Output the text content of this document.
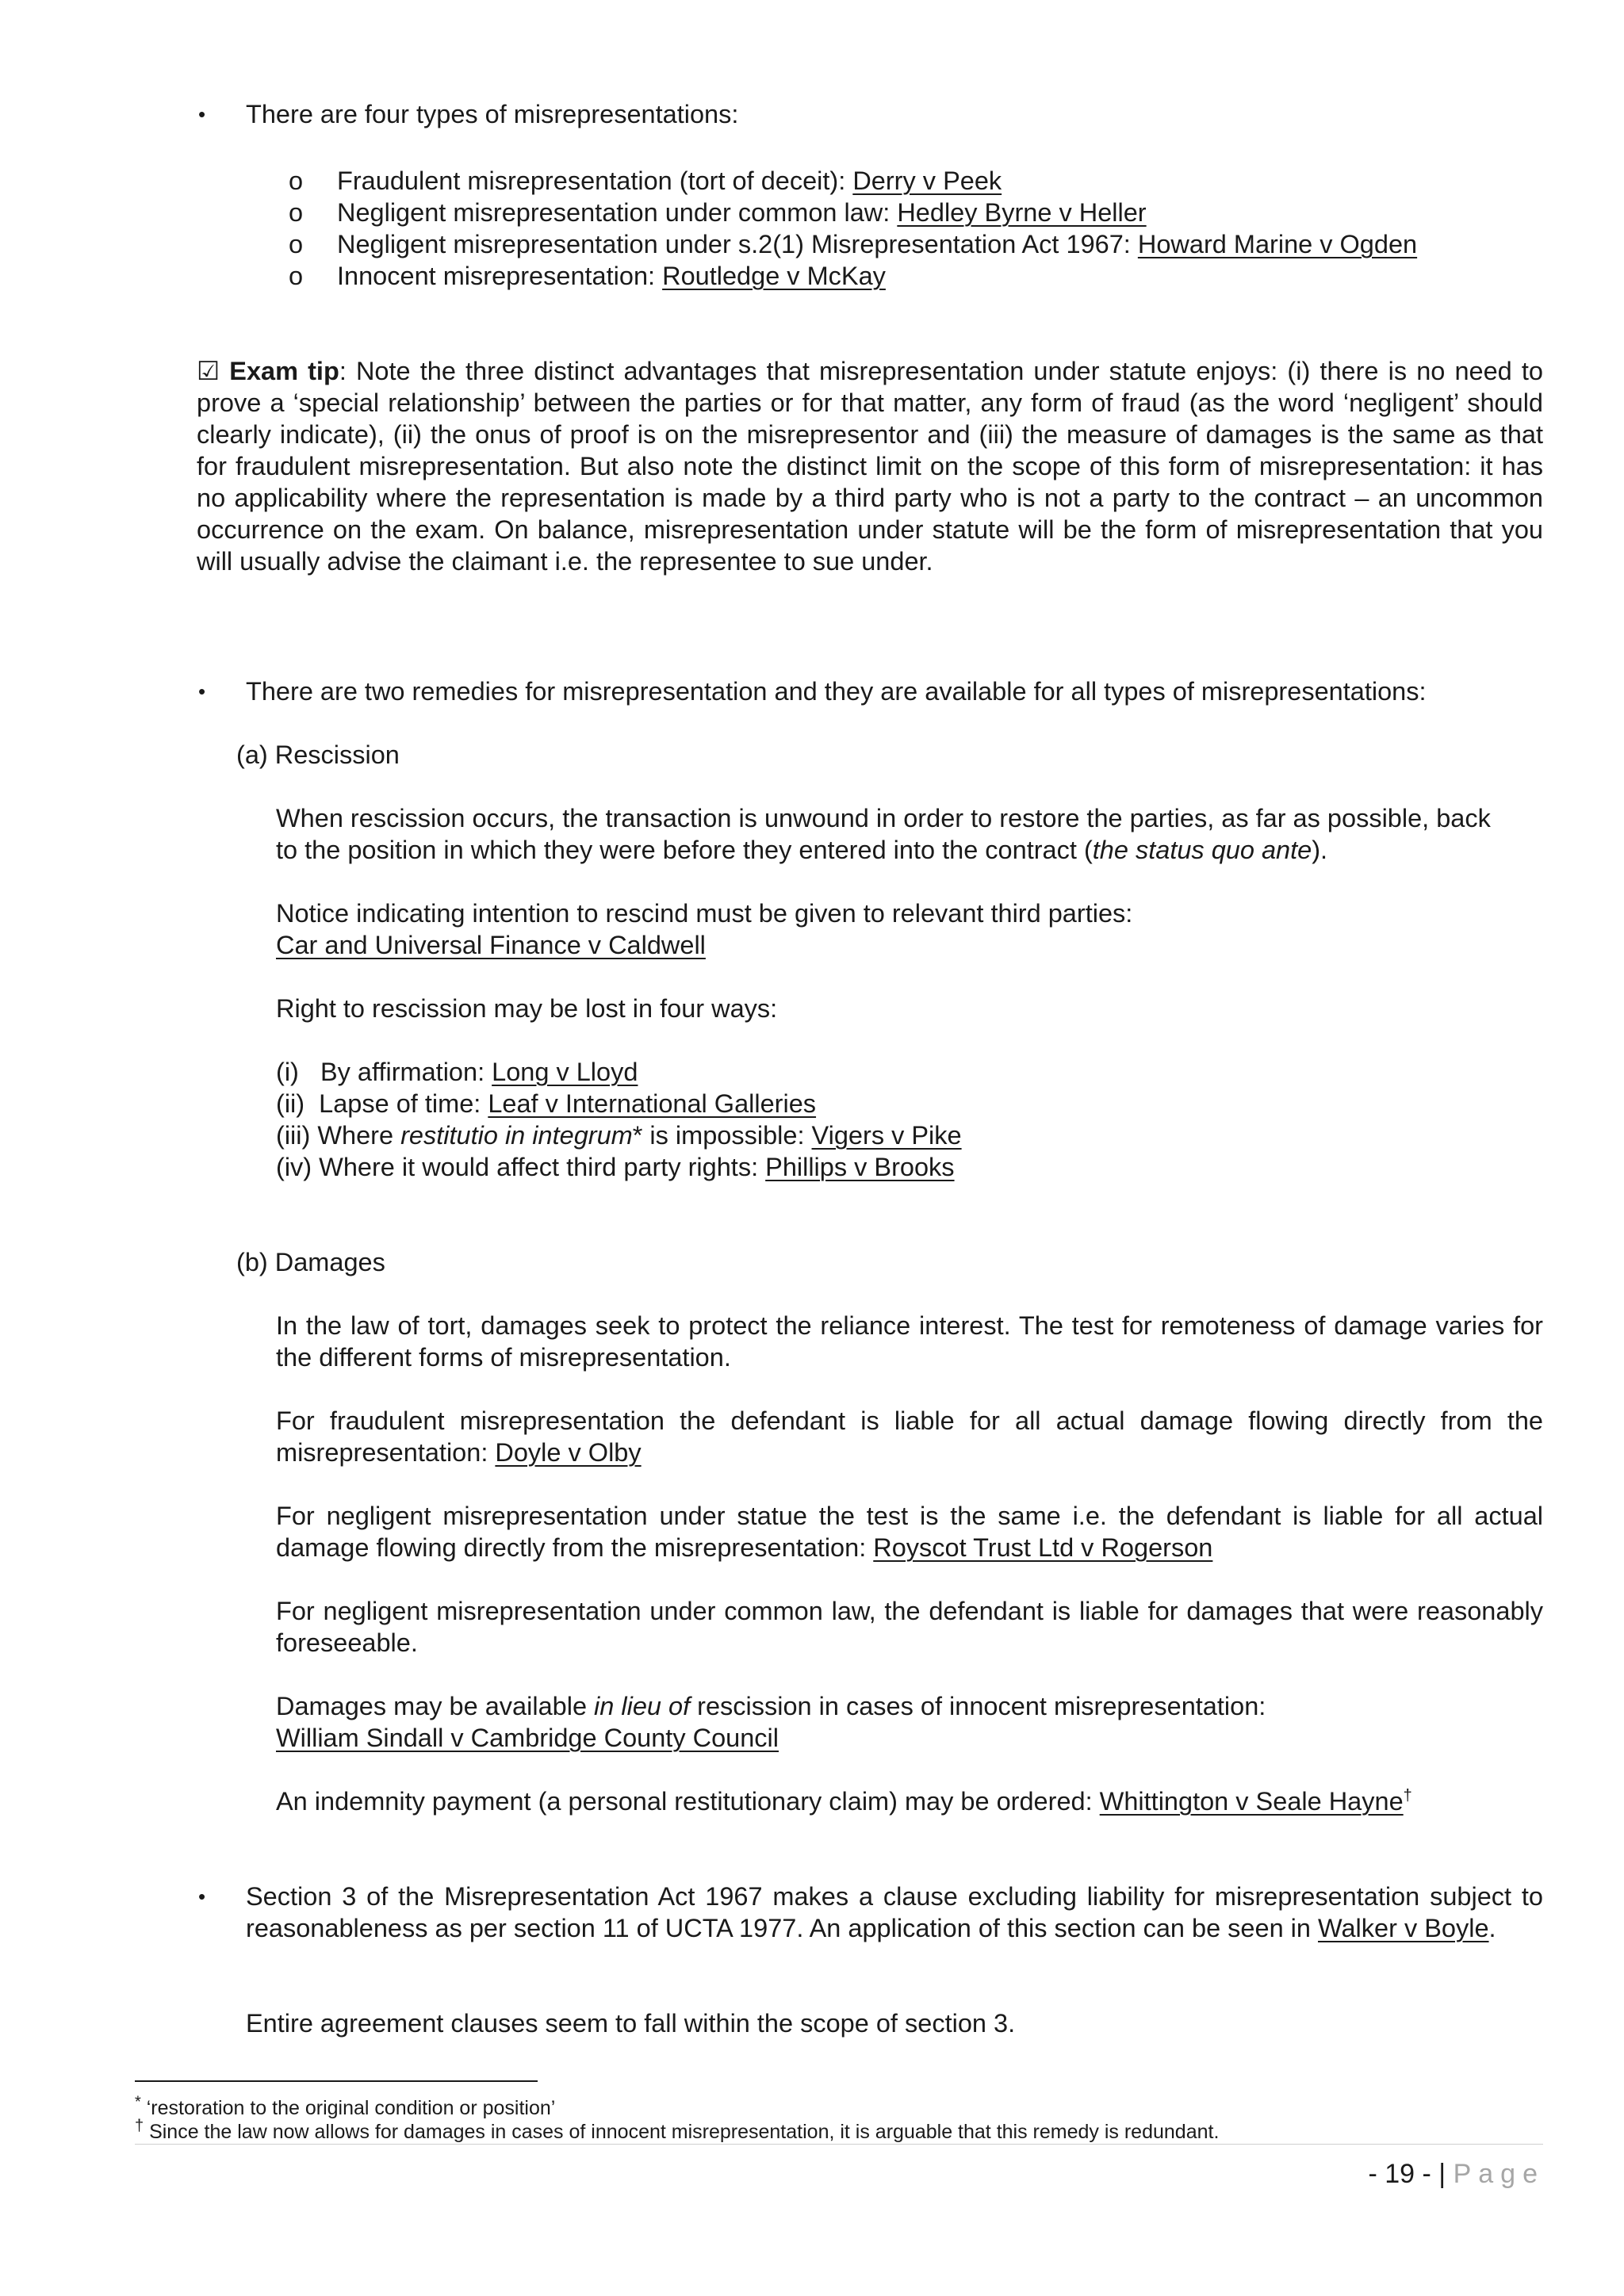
• There are four types of misrepresentations:

o Fraudulent misrepresentation (tort of deceit): Derry v Peek

o Negligent misrepresentation under common law: Hedley Byrne v Heller

o Negligent misrepresentation under s.2(1) Misrepresentation Act 1967: Howard Marine v Ogden

o Innocent misrepresentation: Routledge v McKay

☑ Exam tip: Note the three distinct advantages that misrepresentation under statute enjoys: (i) there is no need to prove a ‘special relationship’ between the parties or for that matter, any form of fraud (as the word ‘negligent’ should clearly indicate), (ii) the onus of proof is on the misrepresentor and (iii) the measure of damages is the same as that for fraudulent misrepresentation. But also note the distinct limit on the scope of this form of misrepresentation: it has no applicability where the representation is made by a third party who is not a party to the contract – an uncommon occurrence on the exam. On balance, misrepresentation under statute will be the form of misrepresentation that you will usually advise the claimant i.e. the representee to sue under.

• There are two remedies for misrepresentation and they are available for all types of misrepresentations:

(a) Rescission

When rescission occurs, the transaction is unwound in order to restore the parties, as far as possible, back to the position in which they were before they entered into the contract (the status quo ante).

Notice indicating intention to rescind must be given to relevant third parties:

Car and Universal Finance v Caldwell

Right to rescission may be lost in four ways:

(i) By affirmation: Long v Lloyd

(ii) Lapse of time: Leaf v International Galleries

(iii) Where restitutio in integrum* is impossible: Vigers v Pike

(iv) Where it would affect third party rights: Phillips v Brooks

(b) Damages

In the law of tort, damages seek to protect the reliance interest. The test for remoteness of damage varies for the different forms of misrepresentation.

For fraudulent misrepresentation the defendant is liable for all actual damage flowing directly from the misrepresentation: Doyle v Olby

For negligent misrepresentation under statue the test is the same i.e. the defendant is liable for all actual damage flowing directly from the misrepresentation: Royscot Trust Ltd v Rogerson

For negligent misrepresentation under common law, the defendant is liable for damages that were reasonably foreseeable.

Damages may be available in lieu of rescission in cases of innocent misrepresentation:

William Sindall v Cambridge County Council

An indemnity payment (a personal restitutionary claim) may be ordered: Whittington v Seale Hayne†

• Section 3 of the Misrepresentation Act 1967 makes a clause excluding liability for misrepresentation subject to reasonableness as per section 11 of UCTA 1977. An application of this section can be seen in Walker v Boyle.

Entire agreement clauses seem to fall within the scope of section 3.

* ‘restoration to the original condition or position’

† Since the law now allows for damages in cases of innocent misrepresentation, it is arguable that this remedy is redundant.

- 19 - | Page
